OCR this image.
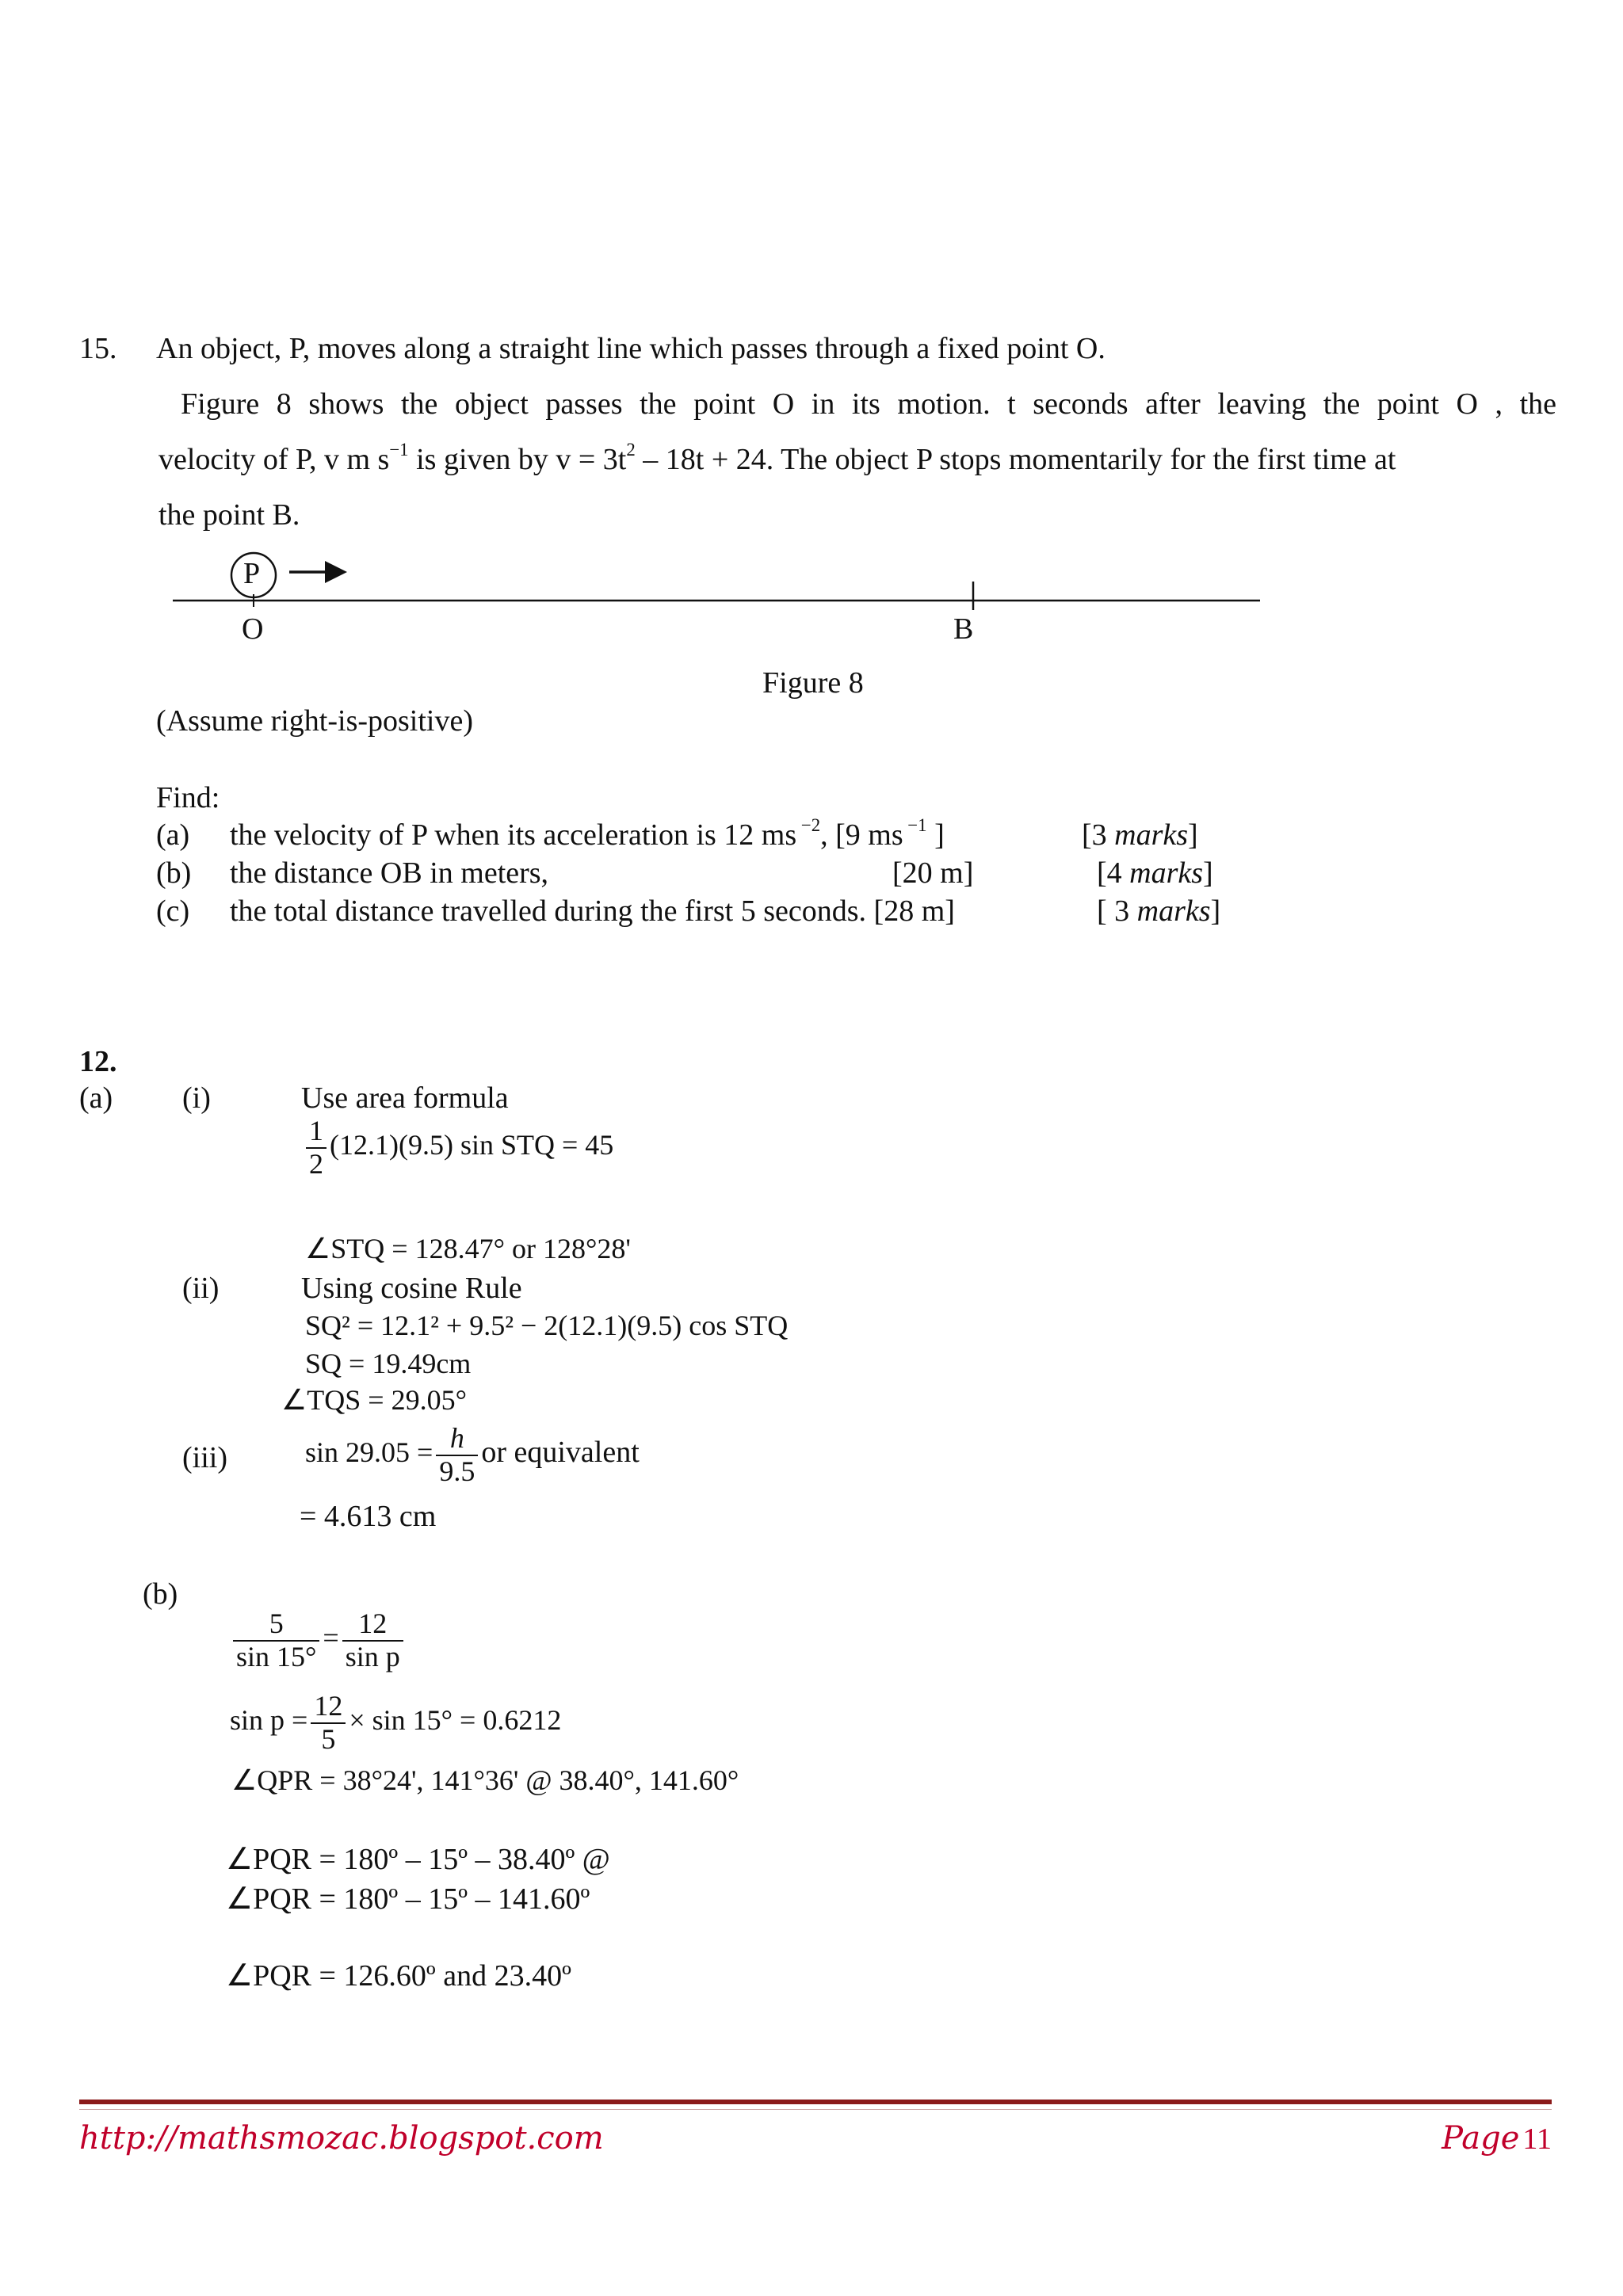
15. An object, P, moves along a straight line which passes through a fixed point O.
Figure 8 shows the object passes the point O in its motion. t seconds after leaving the point O , the
velocity of P, v m $s^{-1}$ is given by $v = 3t^2 - 18t + 24$. The object P stops momentarily for the first time at
the point B.
P
O	B
Figure 8
(Assume right-is-positive)
Find:
(a) the velocity of P when its acceleration is 12 ms $^{-2}$, [9 ms $^{-1}$ ]	[3 marks]
(b) the distance OB in meters,	[20 m]	[4 marks]
(c) the total distance travelled during the first 5 seconds. [28 m]	[ 3 marks]
12.
(a) (i)	Use area formula
$\frac{1}{2} (12.1)(9.5)$ sin STQ = 45
∠STQ = 128.47° or 128°28'
(ii)	Using cosine Rule
SQ² = 12.1² + 9.5² − 2(12.1)(9.5) cos STQ
SQ = 19.49cm
∠TQS = 29.05°
(iii)	$\sin 29.05 = \frac{h}{9.5}$ or equivalent
= 4.613 cm
(b)
$\frac{5}{\sin 15^\circ} = \frac{12}{\text{sin p}}$
$\sin p = \frac{12}{5} \times \sin 15^\circ = 0.6212$
∠QPR = 38°24', 141°36' @ 38.40°, 141.60°
∠PQR = 180º – 15º – 38.40º @
∠PQR = 180º – 15º – 141.60º
∠PQR = 126.60º and 23.40º
http://mathsmozac.blogspot.com	Page 11
